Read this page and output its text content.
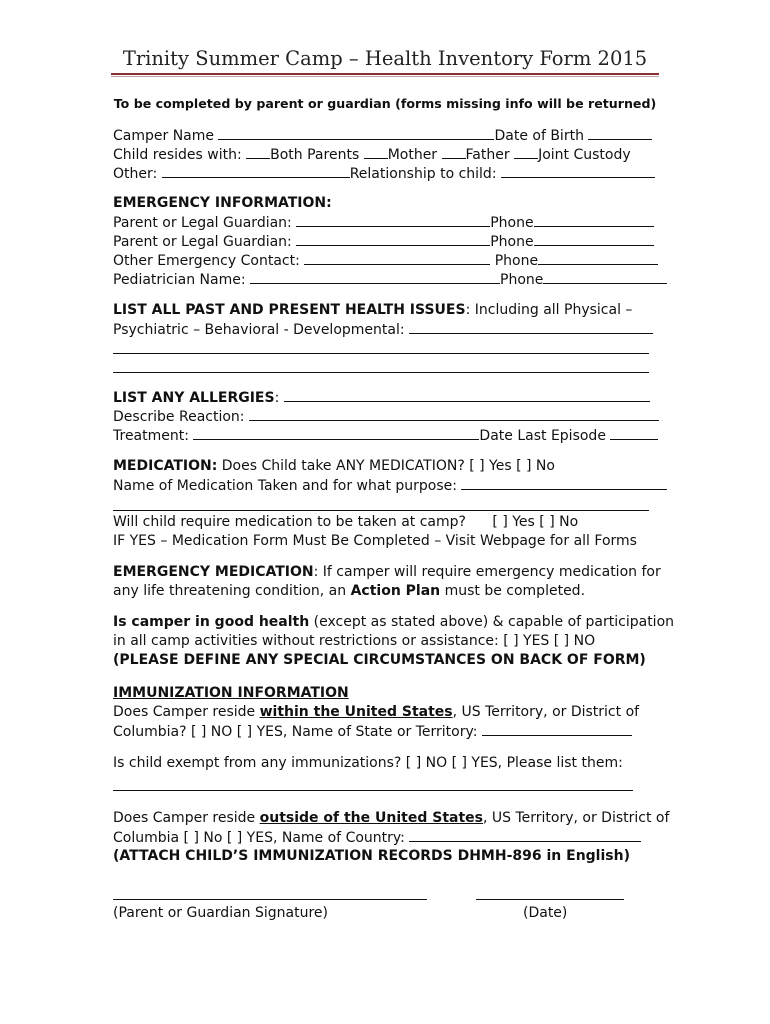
Trinity Summer Camp – Health Inventory Form 2015
To be completed by parent or guardian (forms missing info will be returned)
Camper Name	Date of Birth
Child resides with: Both Parents Mother Father Joint Custody
Other:	Relationship to child:
EMERGENCY INFORMATION:
Parent or Legal Guardian:	Phone
Parent or Legal Guardian:	Phone
Other Emergency Contact:	Phone
Pediatrician Name:	Phone
LIST ALL PAST AND PRESENT HEALTH ISSUES: Including all Physical –
Psychiatric – Behavioral - Developmental:
LIST ANY ALLERGIES:
Describe Reaction:
Treatment:	Date Last Episode
MEDICATION: Does Child take ANY MEDICATION? [ ] Yes [ ] No
Name of Medication Taken and for what purpose:
Will child require medication to be taken at camp? [ ] Yes [ ] No
IF YES – Medication Form Must Be Completed – Visit Webpage for all Forms
EMERGENCY MEDICATION: If camper will require emergency medication for
any life threatening condition, an Action Plan must be completed.
Is camper in good health (except as stated above) & capable of participation
in all camp activities without restrictions or assistance: [ ] YES [ ] NO
(PLEASE DEFINE ANY SPECIAL CIRCUMSTANCES ON BACK OF FORM)
IMMUNIZATION INFORMATION
Does Camper reside within the United States, US Territory, or District of
Columbia? [ ] NO [ ] YES, Name of State or Territory:
Is child exempt from any immunizations? [ ] NO [ ] YES, Please list them:
Does Camper reside outside of the United States, US Territory, or District of
Columbia [ ] No [ ] YES, Name of Country:
(ATTACH CHILD’S IMMUNIZATION RECORDS DHMH-896 in English)
(Parent or Guardian Signature)	(Date)
